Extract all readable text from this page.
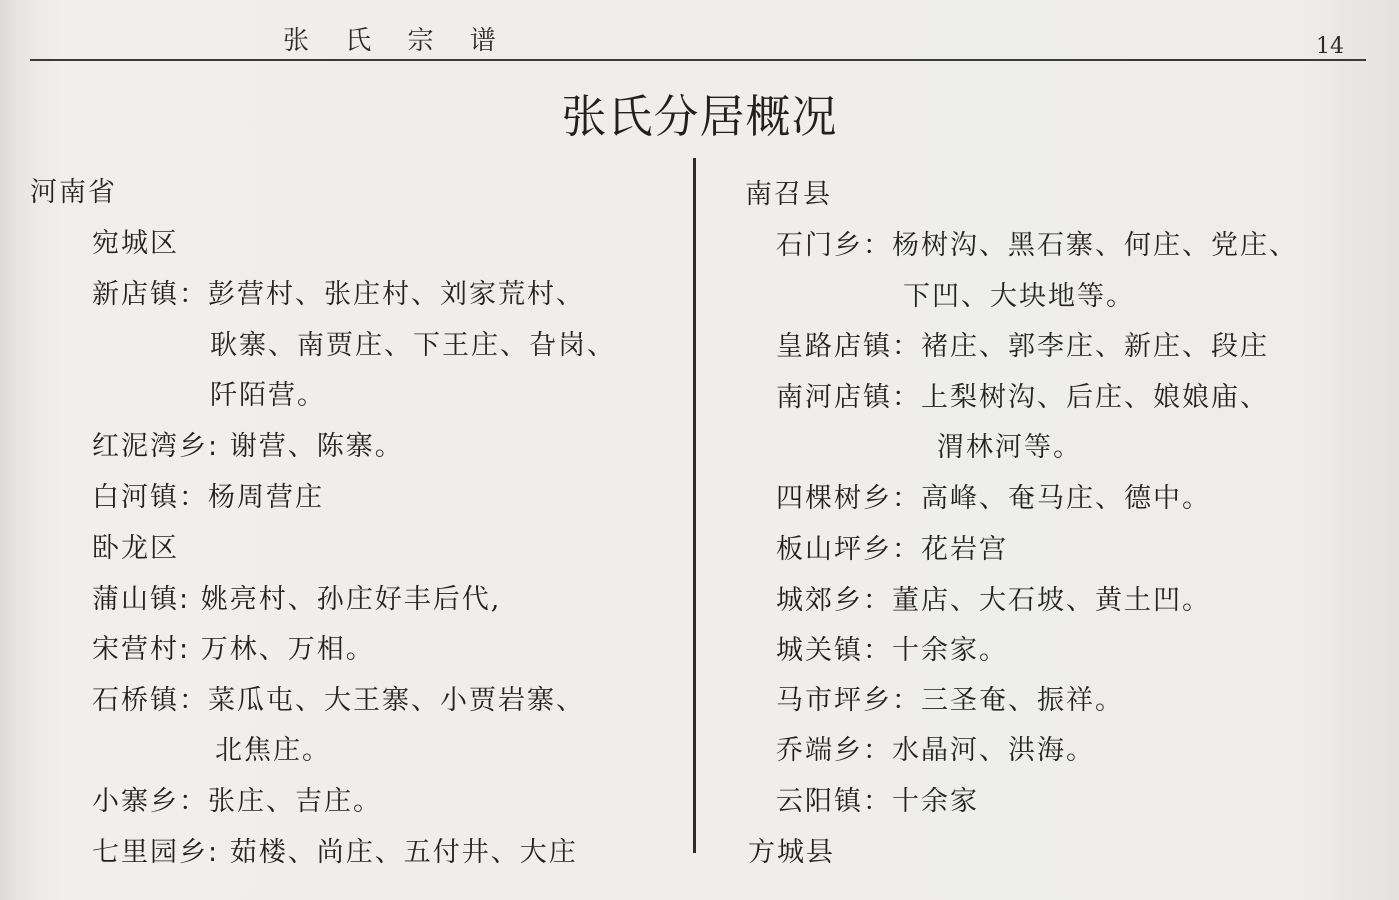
张 氏 宗 谱	14
张氏分居概况
河南省
宛城区
新店镇：彭营村、张庄村、刘家荒村、
耿寨、南贾庄、下王庄、旮岗、
阡陌营。
红泥湾乡: 谢营、陈寨。
白河镇：杨周营庄
卧龙区
蒲山镇: 姚亮村、孙庄好丰后代,
宋营村: 万林、万相。
石桥镇：菜瓜屯、大王寨、小贾岩寨、
北焦庄。
小寨乡：张庄、吉庄。
七里园乡: 茹楼、尚庄、五付井、大庄
南召县
石门乡：杨树沟、黑石寨、何庄、党庄、
下凹、大块地等。
皇路店镇：褚庄、郭李庄、新庄、段庄
南河店镇：上梨树沟、后庄、娘娘庙、
渭林河等。
四棵树乡：高峰、奄马庄、德中。
板山坪乡：花岩宫
城郊乡：董店、大石坡、黄土凹。
城关镇：十余家。
马市坪乡：三圣奄、振祥。
乔端乡：水晶河、洪海。
云阳镇：十余家
方城县
